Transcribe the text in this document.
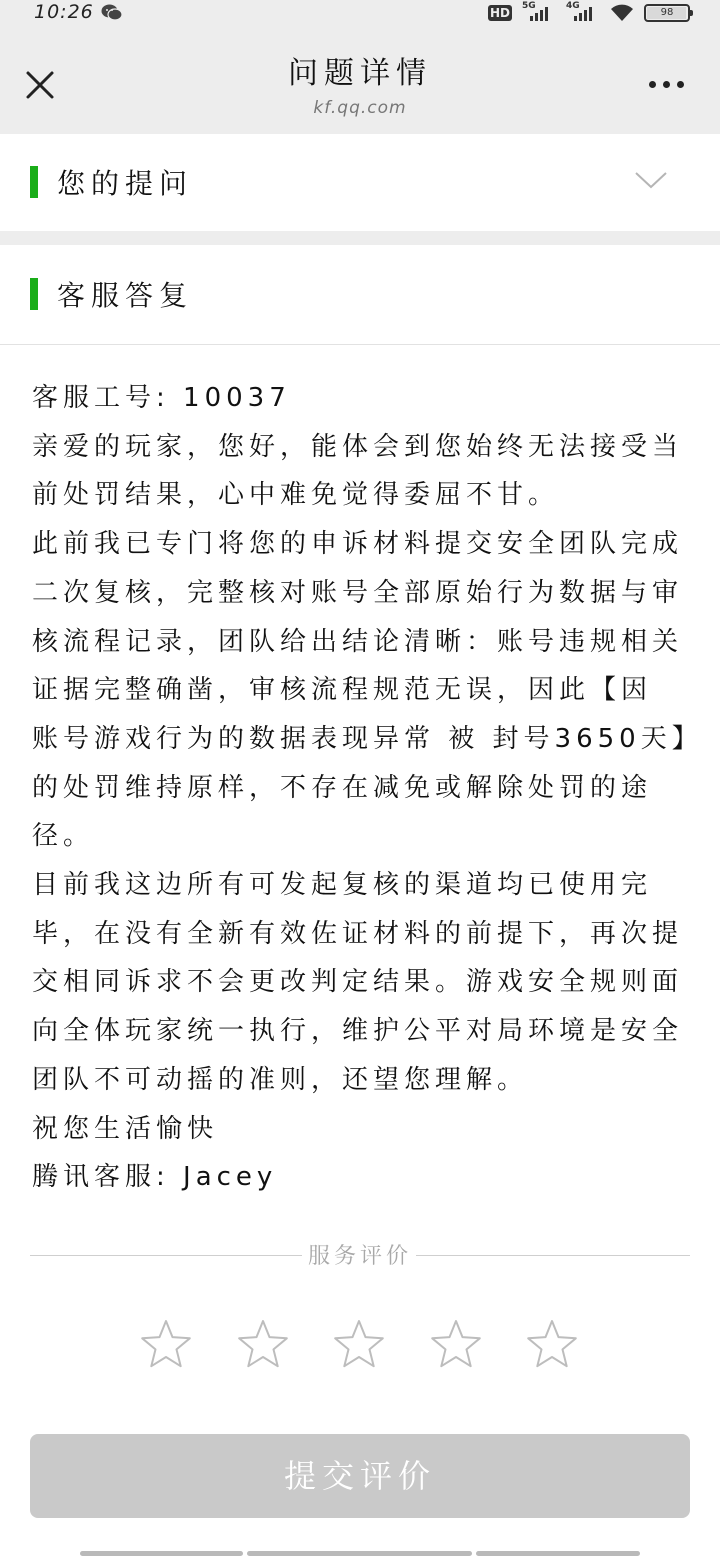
10:26	HD 5G	4G
98
问题详情
kf.qq.com
您的提问
客服答复

客服工号: 10037

亲爱的玩家，您好，能体会到您始终无法接受当前处罚结果，心中难免觉得委屈不甘。

此前我已专门将您的申诉材料提交安全团队完成二次复核，完整核对账号全部原始行为数据与审核流程记录，团队给出结论清晰：账号违规相关证据完整确凿，审核流程规范无误，因此【因 账号游戏行为的数据表现异常 被 封号3650天】的处罚维持原样，不存在减免或解除处罚的途径。

目前我这边所有可发起复核的渠道均已使用完毕，在没有全新有效佐证材料的前提下，再次提交相同诉求不会更改判定结果。游戏安全规则面向全体玩家统一执行，维护公平对局环境是安全团队不可动摇的准则，还望您理解。

祝您生活愉快

腾讯客服: Jacey

服务评价
提交评价
